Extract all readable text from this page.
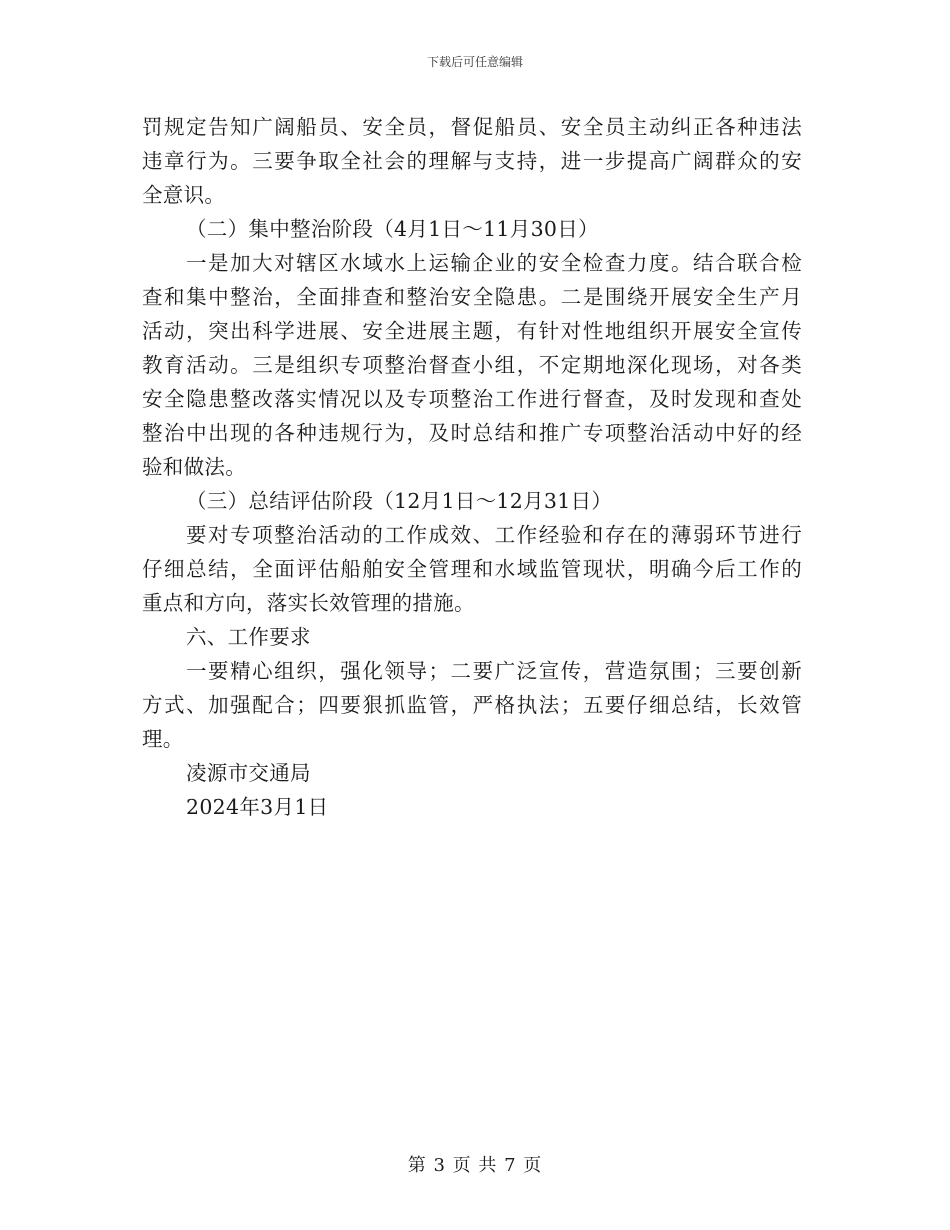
下载后可任意编辑
罚规定告知广阔船员、安全员，督促船员、安全员主动纠正各种违法
违章行为。三要争取全社会的理解与支持，进一步提高广阔群众的安
全意识。
（二）集中整治阶段（4月1日～11月30日）
一是加大对辖区水域水上运输企业的安全检查力度。结合联合检
查和集中整治，全面排查和整治安全隐患。二是围绕开展安全生产月
活动，突出科学进展、安全进展主题，有针对性地组织开展安全宣传
教育活动。三是组织专项整治督查小组，不定期地深化现场，对各类
安全隐患整改落实情况以及专项整治工作进行督查，及时发现和查处
整治中出现的各种违规行为，及时总结和推广专项整治活动中好的经
验和做法。
（三）总结评估阶段（12月1日～12月31日）
要对专项整治活动的工作成效、工作经验和存在的薄弱环节进行
仔细总结，全面评估船舶安全管理和水域监管现状，明确今后工作的
重点和方向，落实长效管理的措施。
六、工作要求
一要精心组织，强化领导；二要广泛宣传，营造氛围；三要创新
方式、加强配合；四要狠抓监管，严格执法；五要仔细总结，长效管
理。
凌源市交通局
2024年3月1日
第 3 页 共 7 页
